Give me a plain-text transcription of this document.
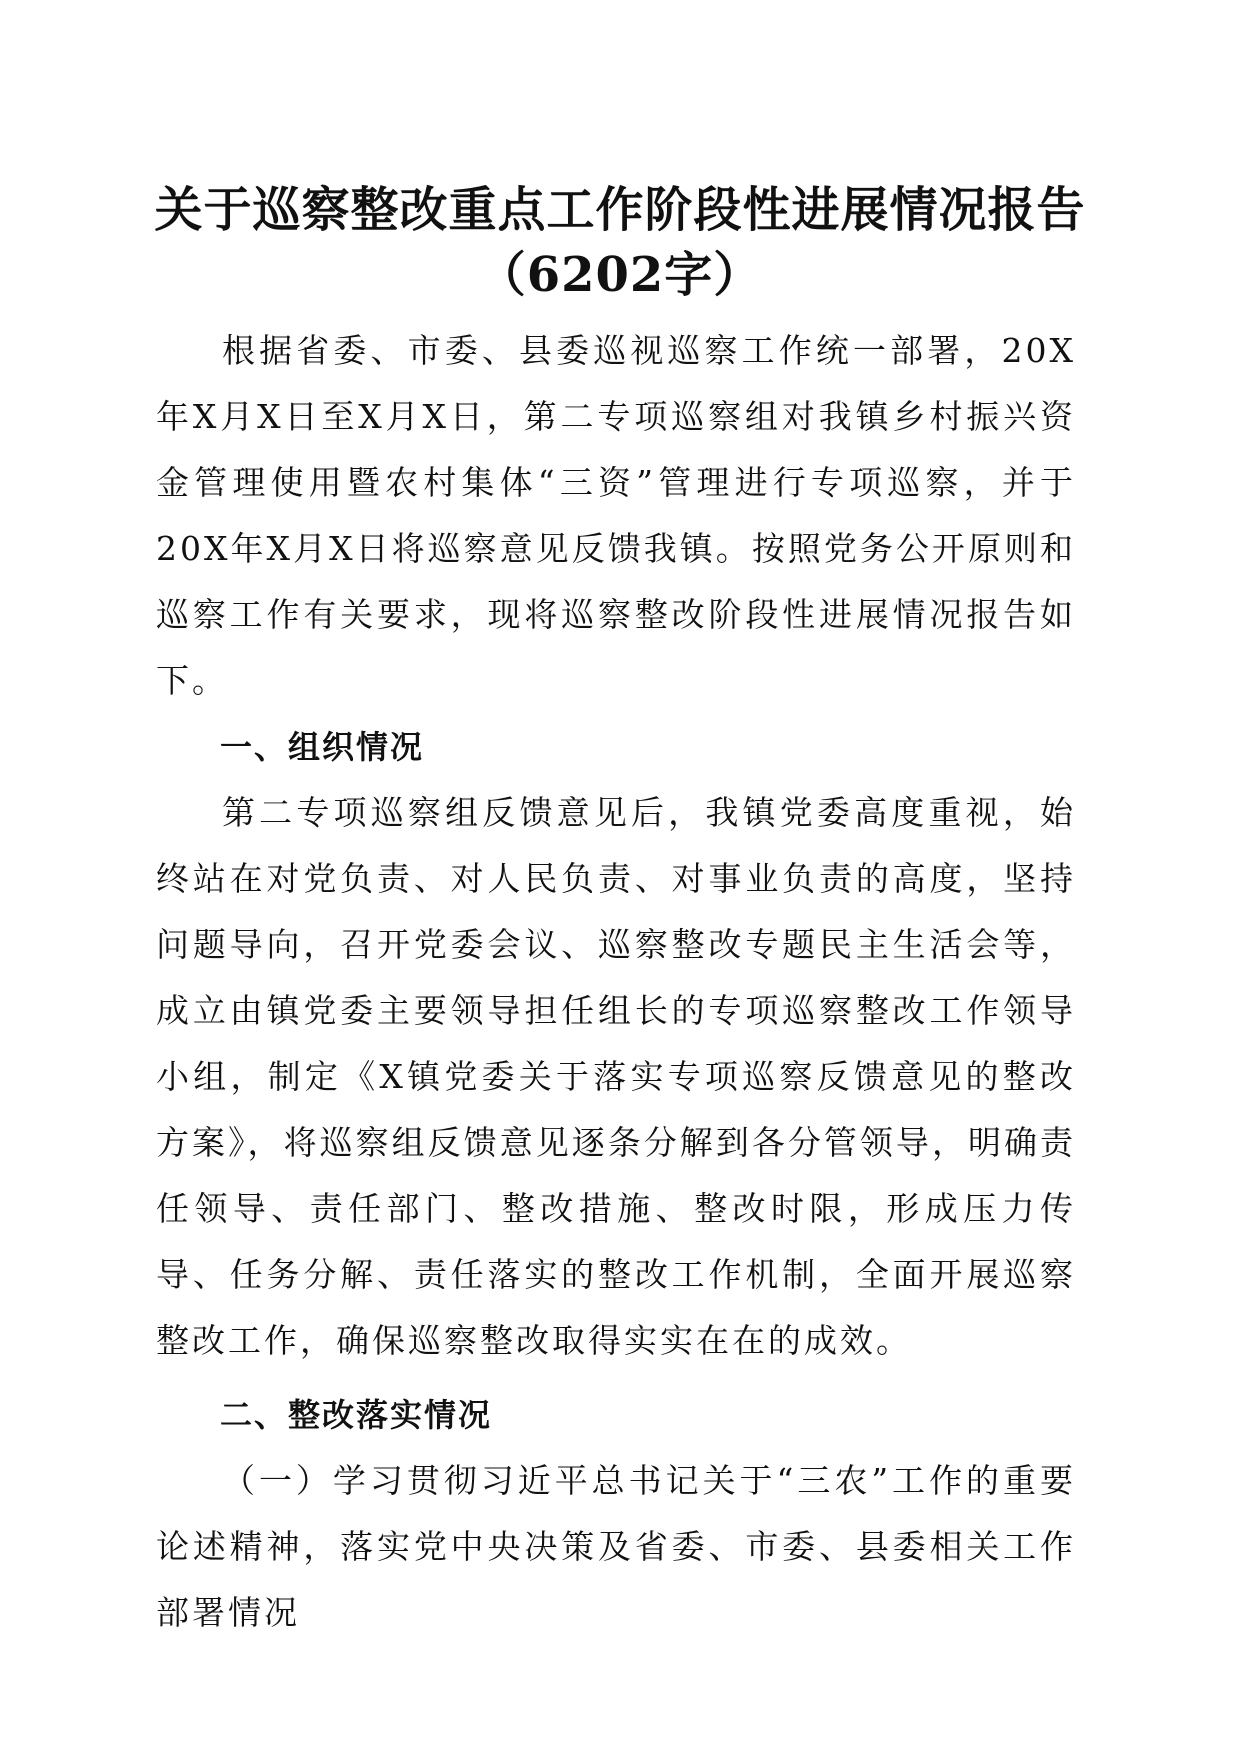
关于巡察整改重点工作阶段性进展情况报告
（6202字）

根据省委、市委、县委巡视巡察工作统一部署，20X年X月X日至X月X日，第二专项巡察组对我镇乡村振兴资金管理使用暨农村集体“三资”管理进行专项巡察，并于20X年X月X日将巡察意见反馈我镇。按照党务公开原则和巡察工作有关要求，现将巡察整改阶段性进展情况报告如下。

一、组织情况

第二专项巡察组反馈意见后，我镇党委高度重视，始终站在对党负责、对人民负责、对事业负责的高度，坚持问题导向，召开党委会议、巡察整改专题民主生活会等，成立由镇党委主要领导担任组长的专项巡察整改工作领导小组，制定《X镇党委关于落实专项巡察反馈意见的整改方案》，将巡察组反馈意见逐条分解到各分管领导，明确责任领导、责任部门、整改措施、整改时限，形成压力传导、任务分解、责任落实的整改工作机制，全面开展巡察整改工作，确保巡察整改取得实实在在的成效。

二、整改落实情况

（一）学习贯彻习近平总书记关于“三农”工作的重要论述精神，落实党中央决策及省委、市委、县委相关工作部署情况
